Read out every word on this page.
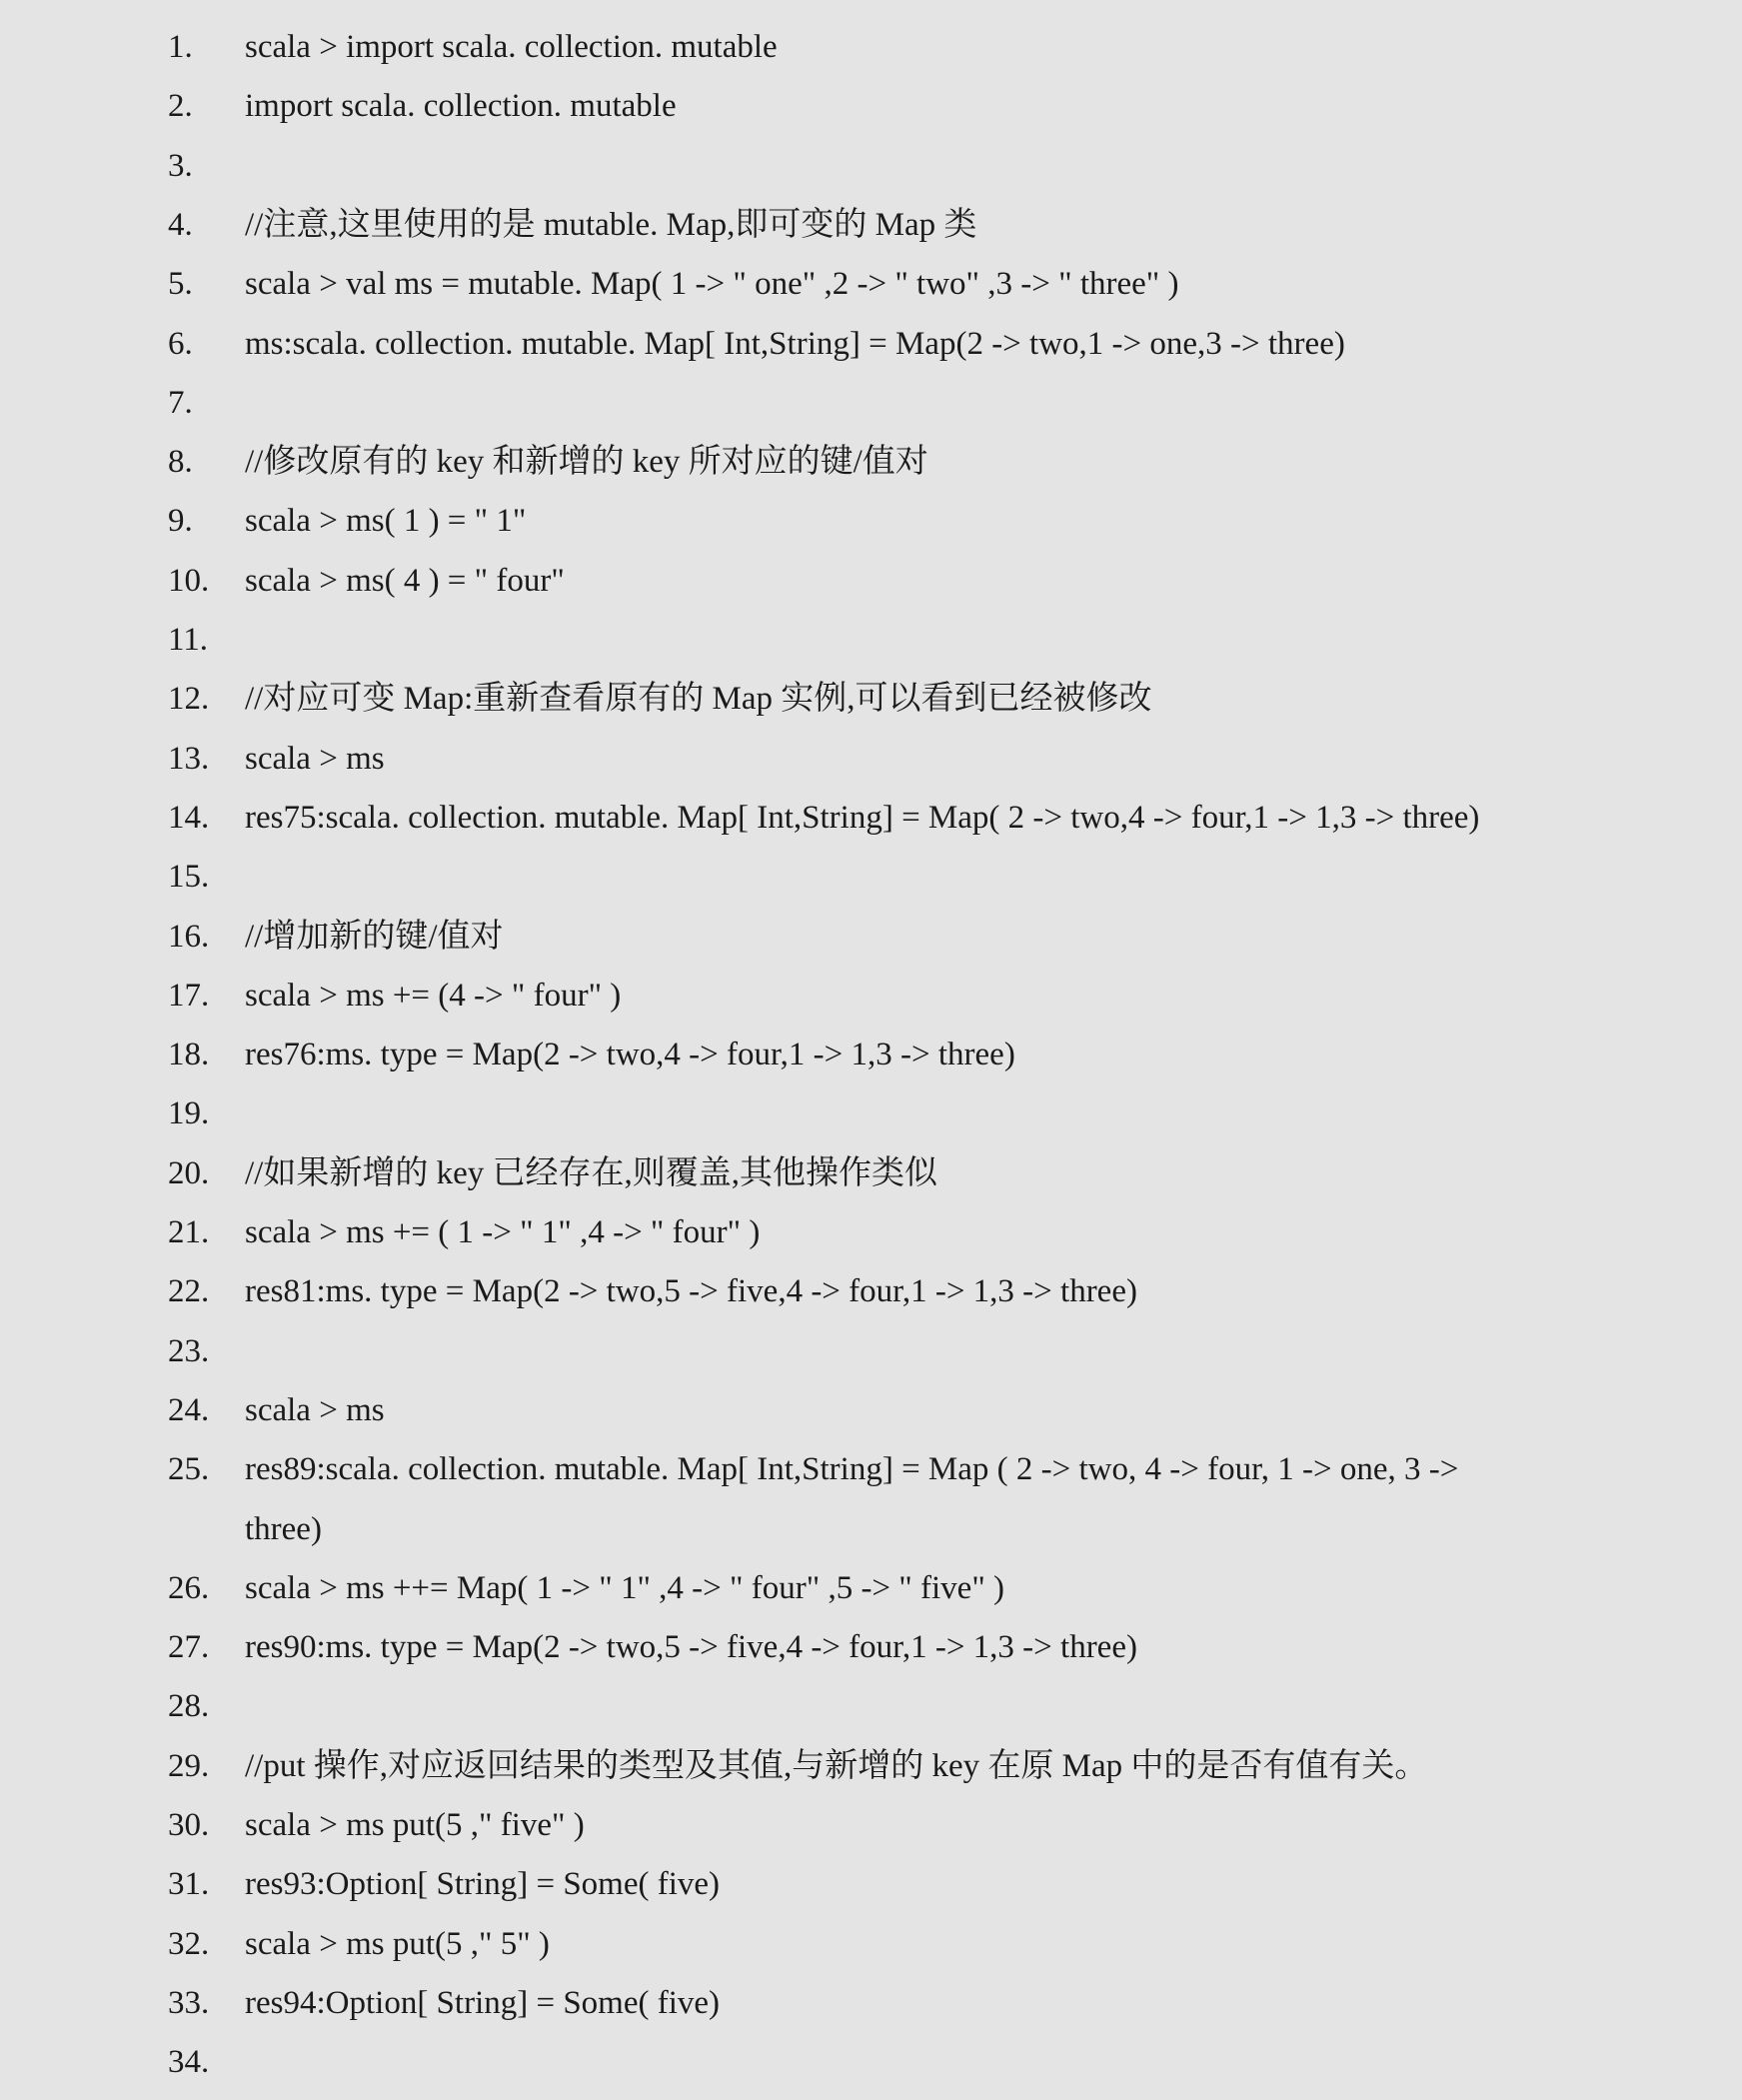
1.	scala > import scala. collection. mutable
2.	import scala. collection. mutable
3.
4.	//注意,这里使用的是 mutable. Map,即可变的 Map 类
5.	scala > val ms = mutable. Map( 1 -> " one" ,2 -> " two" ,3 -> " three" )
6.	ms:scala. collection. mutable. Map[ Int,String] = Map(2 -> two,1 -> one,3 -> three)
7.
8.	//修改原有的 key 和新增的 key 所对应的键/值对
9.	scala > ms( 1 ) = " 1"
10.	scala > ms( 4 ) = " four"
11.
12.	//对应可变 Map:重新查看原有的 Map 实例,可以看到已经被修改
13.	scala > ms
14.	res75:scala. collection. mutable. Map[ Int,String] = Map( 2 -> two,4 -> four,1 -> 1,3 -> three)
15.
16.	//增加新的键/值对
17.	scala > ms += (4 -> " four" )
18.	res76:ms. type = Map(2 -> two,4 -> four,1 -> 1,3 -> three)
19.
20.	//如果新增的 key 已经存在,则覆盖,其他操作类似
21.	scala > ms += ( 1 -> " 1" ,4 -> " four" )
22.	res81:ms. type = Map(2 -> two,5 -> five,4 -> four,1 -> 1,3 -> three)
23.
24.	scala > ms
25.	res89:scala. collection. mutable. Map[ Int,String] = Map ( 2 -> two, 4 -> four, 1 -> one, 3 ->
three)
26.	scala > ms ++= Map( 1 -> " 1" ,4 -> " four" ,5 -> " five" )
27.	res90:ms. type = Map(2 -> two,5 -> five,4 -> four,1 -> 1,3 -> three)
28.
29.	//put 操作,对应返回结果的类型及其值,与新增的 key 在原 Map 中的是否有值有关。
30.	scala > ms put(5 ," five" )
31.	res93:Option[ String] = Some( five)
32.	scala > ms put(5 ," 5" )
33.	res94:Option[ String] = Some( five)
34.
